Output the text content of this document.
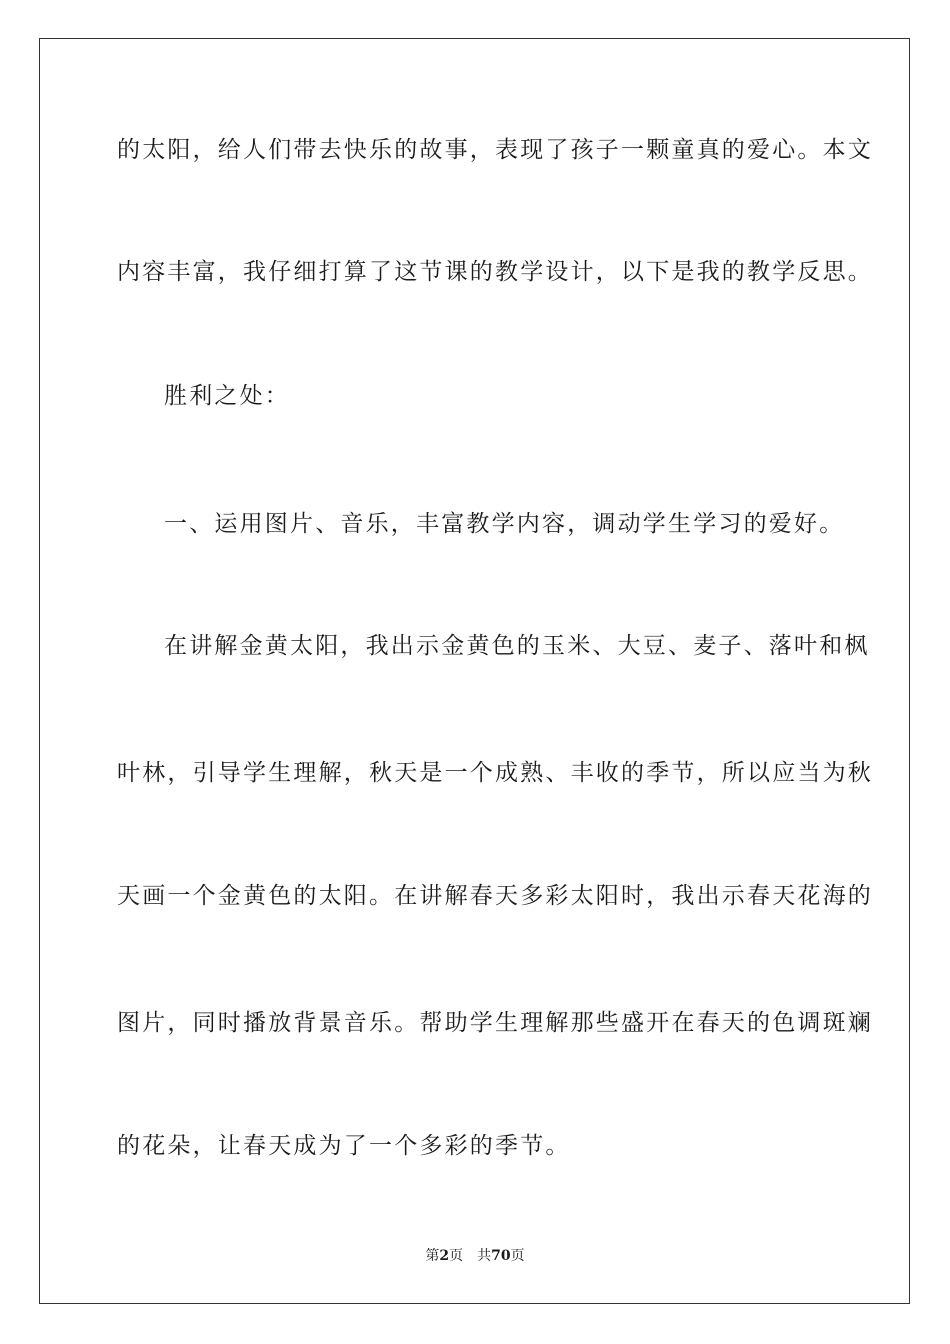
的太阳，给人们带去快乐的故事，表现了孩子一颗童真的爱心。本文
内容丰富，我仔细打算了这节课的教学设计，以下是我的教学反思。
胜利之处：
一、运用图片、音乐，丰富教学内容，调动学生学习的爱好。
在讲解金黄太阳，我出示金黄色的玉米、大豆、麦子、落叶和枫
叶林，引导学生理解，秋天是一个成熟、丰收的季节，所以应当为秋
天画一个金黄色的太阳。在讲解春天多彩太阳时，我出示春天花海的
图片，同时播放背景音乐。帮助学生理解那些盛开在春天的色调斑斓
的花朵，让春天成为了一个多彩的季节。
第2页 共70页
